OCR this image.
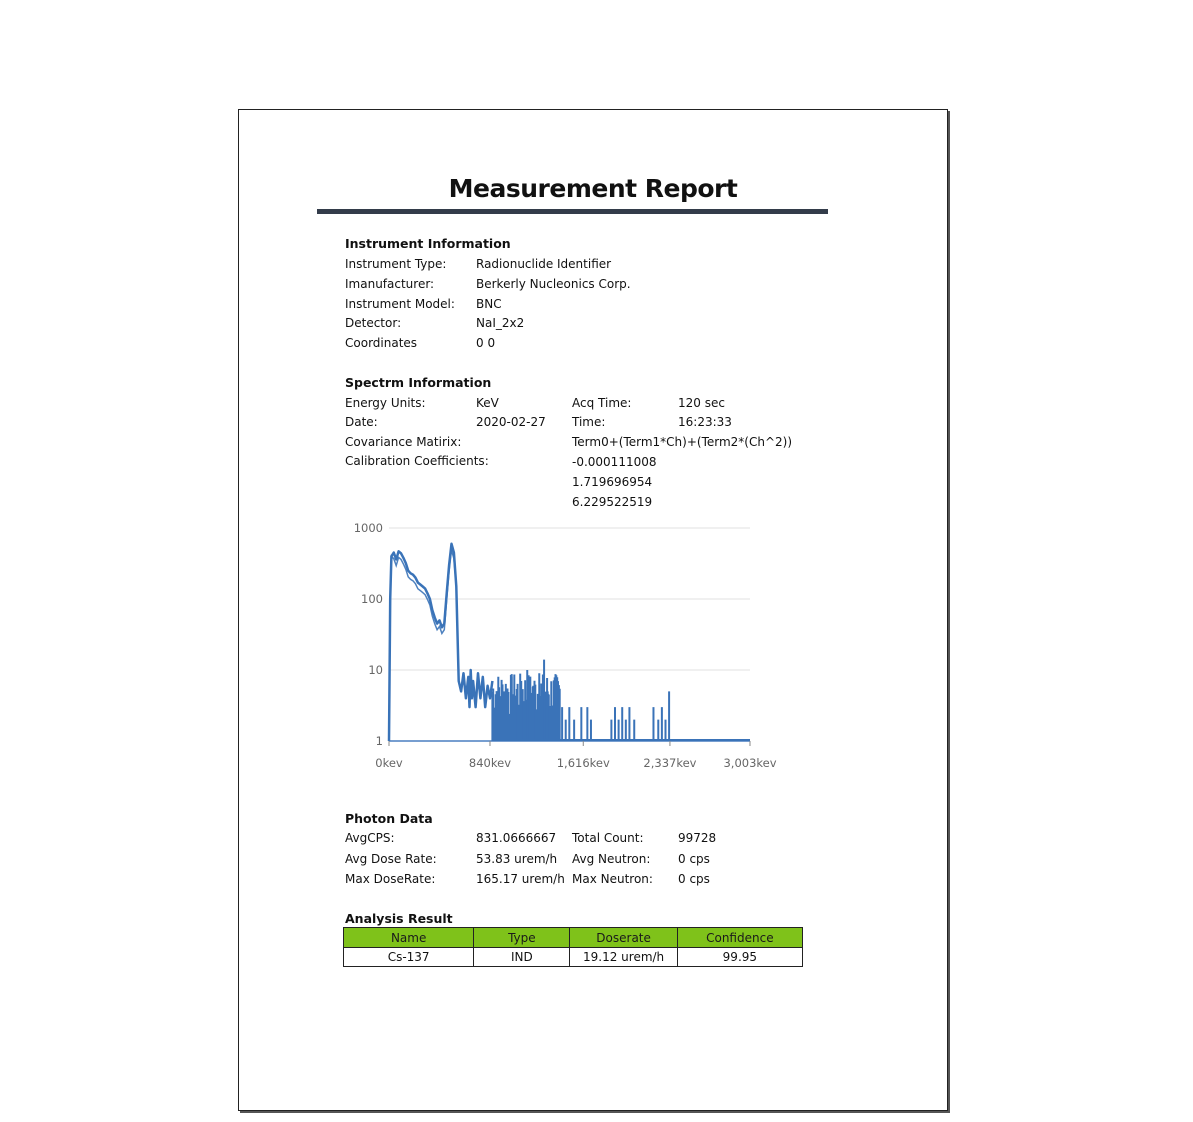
Measurement Report
Instrument Information
Instrument Type: Radionuclide Identifier
Imanufacturer:	Berkerly Nucleonics Corp.
Instrument Model: BNC
Detector:	NaI_2x2
Coordinates	0 0
Spectrm Information
Energy Units:	KeV	Acq Time:	120 sec
Date:	2020-02-27 Time:	16:23:33
Covariance Matirix:	Term0+(Term1*Ch)+(Term2*(Ch^2))
Calibration Coefficients:	-0.000111008
1.719696954
6.229522519
1000
100
10
1
0kev	840kev	1,616kev	2,337kev 3,003kev
Photon Data
AvgCPS:	831.0666667 Total Count:	99728
Avg Dose Rate:	53.83 urem/h Avg Neutron: 0 cps
Max DoseRate:	165.17 urem/h Max Neutron: 0 cps
Analysis Result
Name	Type	Doserate	Confidence
Cs-137	IND	19.12 urem/h	99.95
